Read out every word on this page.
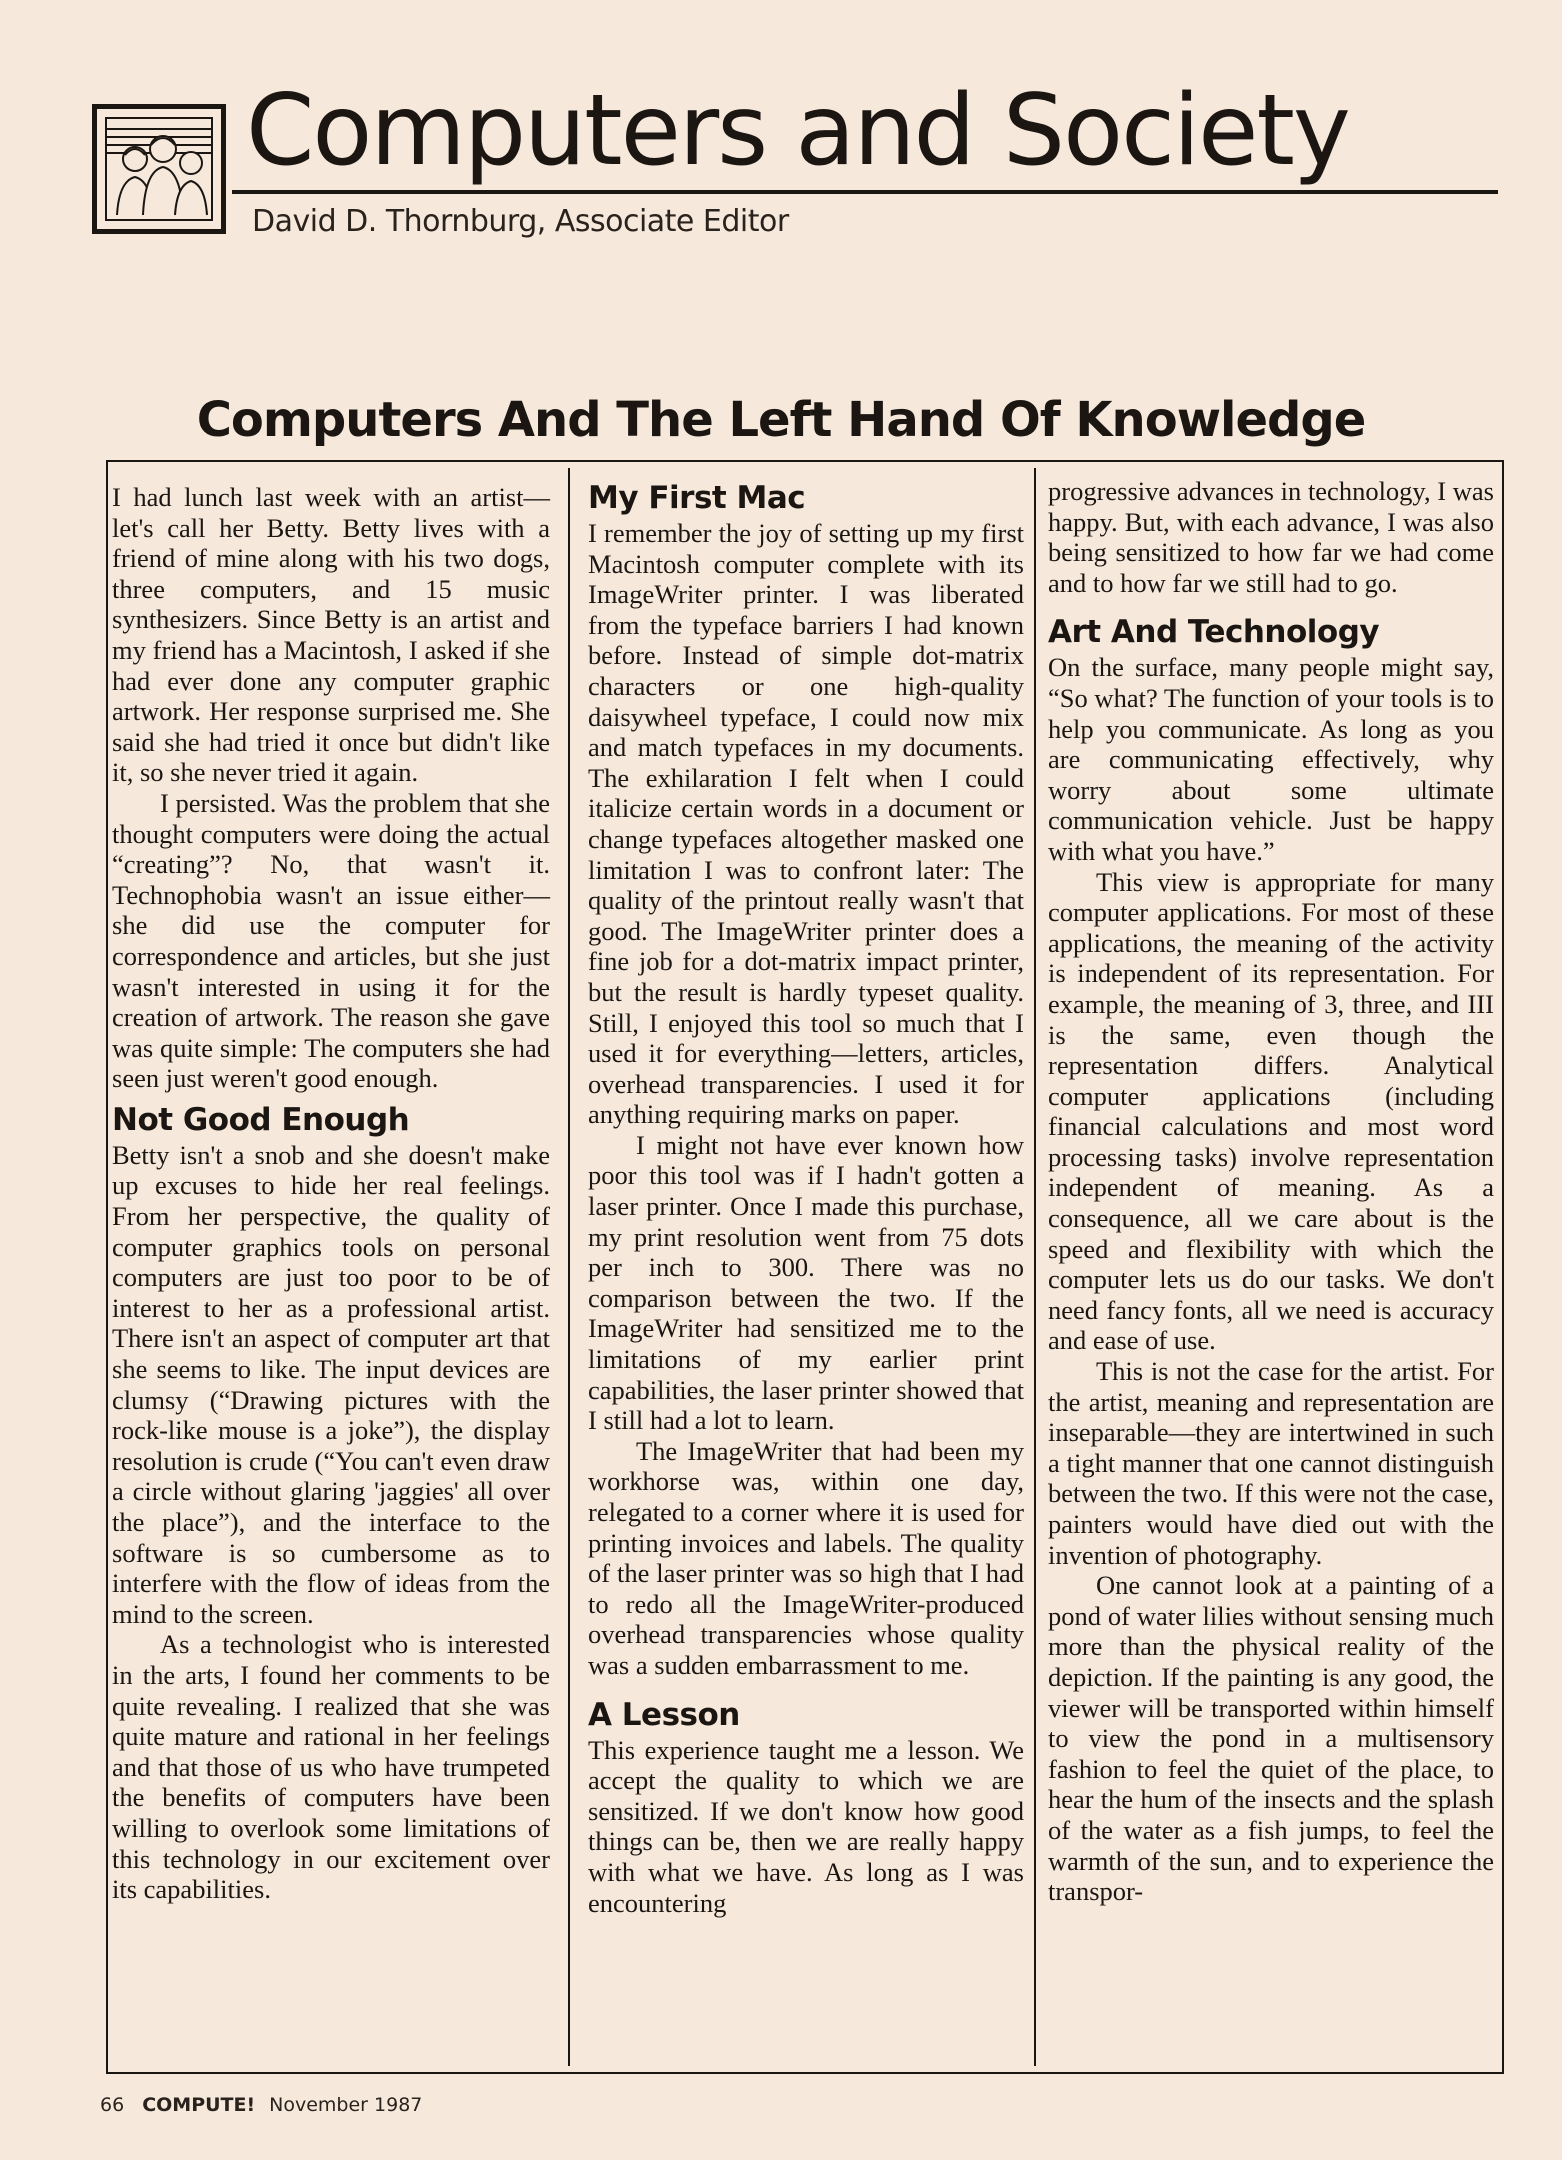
Computers and Society
David D. Thornburg, Associate Editor
Computers And The Left Hand Of Knowledge

I had lunch last week with an artist—let's call her Betty. Betty lives with a friend of mine along with his two dogs, three computers, and 15 music synthesizers. Since Betty is an artist and my friend has a Macintosh, I asked if she had ever done any computer graphic artwork. Her response surprised me. She said she had tried it once but didn't like it, so she never tried it again.

I persisted. Was the problem that she thought computers were doing the actual “creating”? No, that wasn't it. Technophobia wasn't an issue either—she did use the computer for correspondence and articles, but she just wasn't interested in using it for the creation of artwork. The reason she gave was quite simple: The computers she had seen just weren't good enough.

Not Good Enough

Betty isn't a snob and she doesn't make up excuses to hide her real feelings. From her perspective, the quality of computer graphics tools on personal computers are just too poor to be of interest to her as a professional artist. There isn't an aspect of computer art that she seems to like. The input devices are clumsy (“Drawing pictures with the rock-like mouse is a joke”), the display resolution is crude (“You can't even draw a circle without glaring 'jaggies' all over the place”), and the interface to the software is so cumbersome as to interfere with the flow of ideas from the mind to the screen.

As a technologist who is interested in the arts, I found her comments to be quite revealing. I realized that she was quite mature and rational in her feelings and that those of us who have trumpeted the benefits of computers have been willing to overlook some limitations of this technology in our excitement over its capabilities.

My First Mac

I remember the joy of setting up my first Macintosh computer complete with its ImageWriter printer. I was liberated from the typeface barriers I had known before. Instead of simple dot-matrix characters or one high-quality daisywheel typeface, I could now mix and match typefaces in my documents. The exhilaration I felt when I could italicize certain words in a document or change typefaces altogether masked one limitation I was to confront later: The quality of the printout really wasn't that good. The ImageWriter printer does a fine job for a dot-matrix impact printer, but the result is hardly typeset quality. Still, I enjoyed this tool so much that I used it for everything—letters, articles, overhead transparencies. I used it for anything requiring marks on paper.

I might not have ever known how poor this tool was if I hadn't gotten a laser printer. Once I made this purchase, my print resolution went from 75 dots per inch to 300. There was no comparison between the two. If the ImageWriter had sensitized me to the limitations of my earlier print capabilities, the laser printer showed that I still had a lot to learn.

The ImageWriter that had been my workhorse was, within one day, relegated to a corner where it is used for printing invoices and labels. The quality of the laser printer was so high that I had to redo all the ImageWriter-produced overhead transparencies whose quality was a sudden embarrassment to me.

A Lesson

This experience taught me a lesson. We accept the quality to which we are sensitized. If we don't know how good things can be, then we are really happy with what we have. As long as I was encountering

progressive advances in technology, I was happy. But, with each advance, I was also being sensitized to how far we had come and to how far we still had to go.

Art And Technology

On the surface, many people might say, “So what? The function of your tools is to help you communicate. As long as you are communicating effectively, why worry about some ultimate communication vehicle. Just be happy with what you have.”

This view is appropriate for many computer applications. For most of these applications, the meaning of the activity is independent of its representation. For example, the meaning of 3, three, and III is the same, even though the representation differs. Analytical computer applications (including financial calculations and most word processing tasks) involve representation independent of meaning. As a consequence, all we care about is the speed and flexibility with which the computer lets us do our tasks. We don't need fancy fonts, all we need is accuracy and ease of use.

This is not the case for the artist. For the artist, meaning and representation are inseparable—they are intertwined in such a tight manner that one cannot distinguish between the two. If this were not the case, painters would have died out with the invention of photography.

One cannot look at a painting of a pond of water lilies without sensing much more than the physical reality of the depiction. If the painting is any good, the viewer will be transported within himself to view the pond in a multisensory fashion to feel the quiet of the place, to hear the hum of the insects and the splash of the water as a fish jumps, to feel the warmth of the sun, and to experience the transpor-

66 COMPUTE! November 1987
